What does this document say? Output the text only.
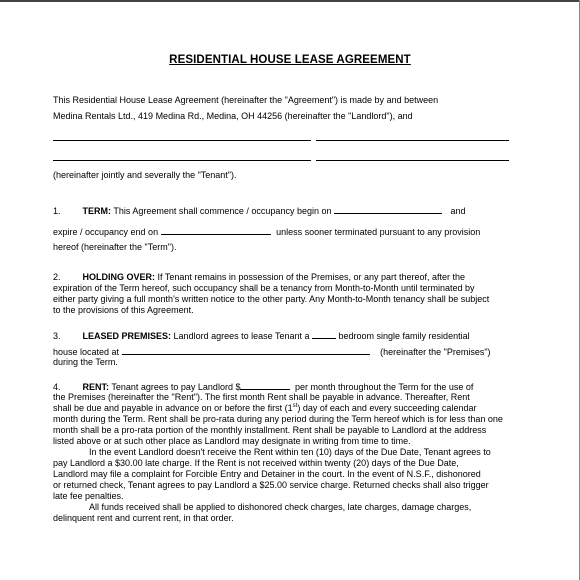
RESIDENTIAL HOUSE LEASE AGREEMENT
This Residential House Lease Agreement (hereinafter the "Agreement") is made by and between
Medina Rentals Ltd., 419 Medina Rd., Medina, OH 44256 (hereinafter the "Landlord"), and
(hereinafter jointly and severally the "Tenant").
1. TERM: This Agreement shall commence / occupancy begin on	and
expire / occupancy end on	unless sooner terminated pursuant to any provision
hereof (hereinafter the "Term").
2. HOLDING OVER: If Tenant remains in possession of the Premises, or any part thereof, after the
expiration of the Term hereof, such occupancy shall be a tenancy from Month-to-Month until terminated by
either party giving a full month's written notice to the other party. Any Month-to-Month tenancy shall be subject
to the provisions of this Agreement.
3. LEASED PREMISES: Landlord agrees to lease Tenant a	bedroom single family residential
house located at	(hereinafter the "Premises")
during the Term.
4. RENT: Tenant agrees to pay Landlord $	per month throughout the Term for the use of
the Premises (hereinafter the "Rent"). The first month Rent shall be payable in advance. Thereafter, Rent
shall be due and payable in advance on or before the first (1st) day of each and every succeeding calendar
month during the Term. Rent shall be pro-rata during any period during the Term hereof which is for less than one
month shall be a pro-rata portion of the monthly installment. Rent shall be payable to Landlord at the address
listed above or at such other place as Landlord may designate in writing from time to time.
In the event Landlord doesn't receive the Rent within ten (10) days of the Due Date, Tenant agrees to
pay Landlord a $30.00 late charge. If the Rent is not received within twenty (20) days of the Due Date,
Landlord may file a complaint for Forcible Entry and Detainer in the court. In the event of N.S.F., dishonored
or returned check, Tenant agrees to pay Landlord a $25.00 service charge. Returned checks shall also trigger
late fee penalties.
All funds received shall be applied to dishonored check charges, late charges, damage charges,
delinquent rent and current rent, in that order.
